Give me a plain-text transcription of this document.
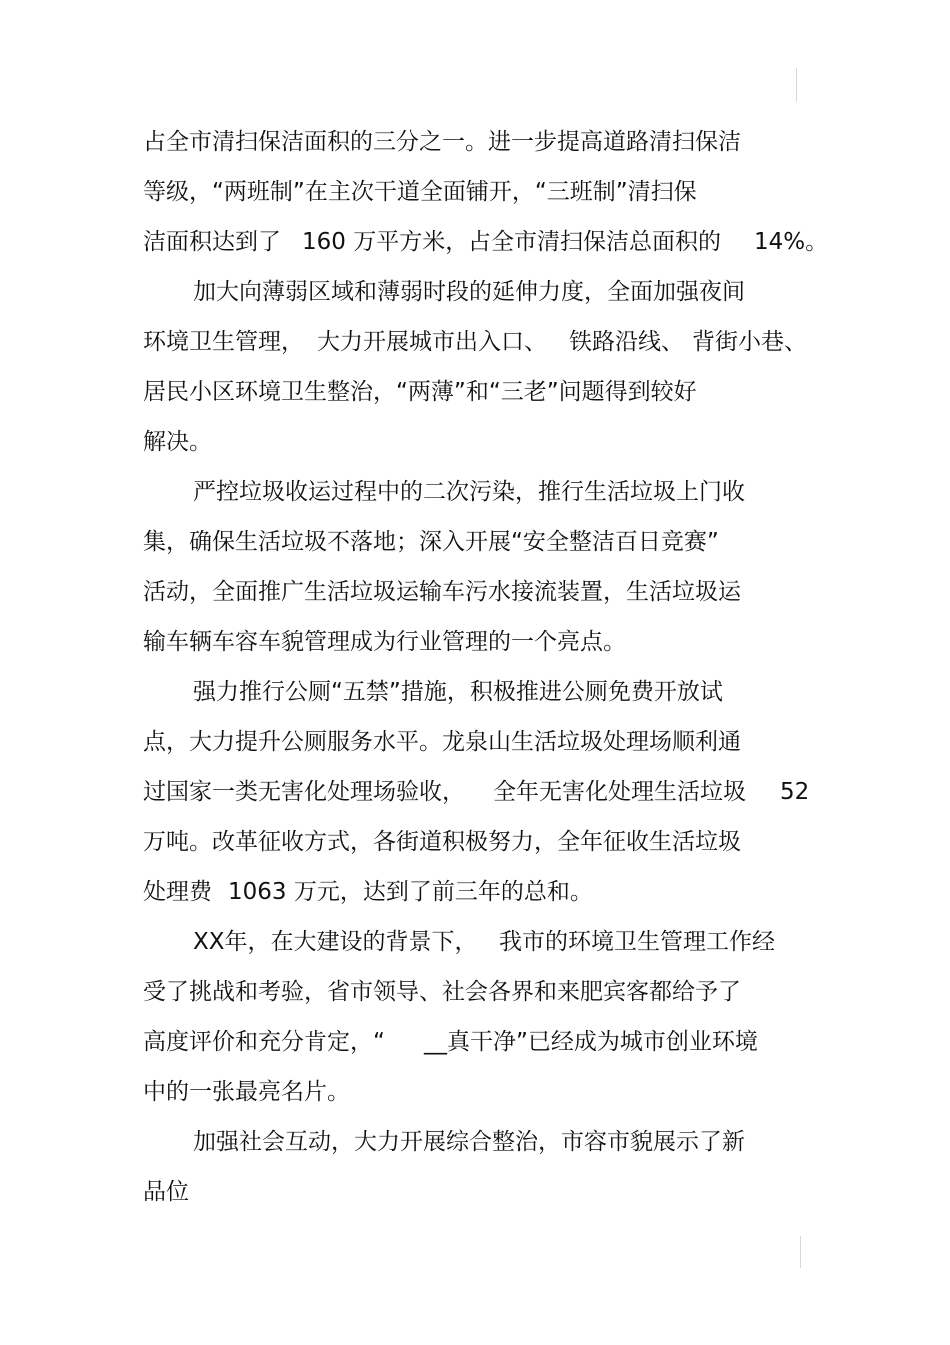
占全市清扫保洁面积的三分之一。进一步提高道路清扫保洁
等级，“两班制”在主次干道全面铺开，“三班制”清扫保
洁面积达到了 160 万平方米， 占全市清扫保洁总面积的 14%。
加大向薄弱区域和薄弱时段的延伸力度，全面加强夜间
环境卫生管理， 大力开展城市出入口、 铁路沿线、 背街小巷、
居民小区环境卫生整治，“两薄”和“三老”问题得到较好
解决。
严控垃圾收运过程中的二次污染，推行生活垃圾上门收
集，确保生活垃圾不落地；深入开展“安全整洁百日竞赛”
活动，全面推广生活垃圾运输车污水接流装置，生活垃圾运
输车辆车容车貌管理成为行业管理的一个亮点。
强力推行公厕“五禁”措施，积极推进公厕免费开放试
点，大力提升公厕服务水平。龙泉山生活垃圾处理场顺利通
过国家一类无害化处理场验收， 全年无害化处理生活垃圾 52
万吨。改革征收方式，各街道积极努力，全年征收生活垃圾
处理费 1063 万元，达到了前三年的总和。
XX年，在大建设的背景下， 我市的环境卫生管理工作经
受了挑战和考验，省市领导、社会各界和来肥宾客都给予了
高度评价和充分肯定，“ __真干净”已经成为城市创业环境
中的一张最亮名片。
加强社会互动，大力开展综合整治，市容市貌展示了新
品位
